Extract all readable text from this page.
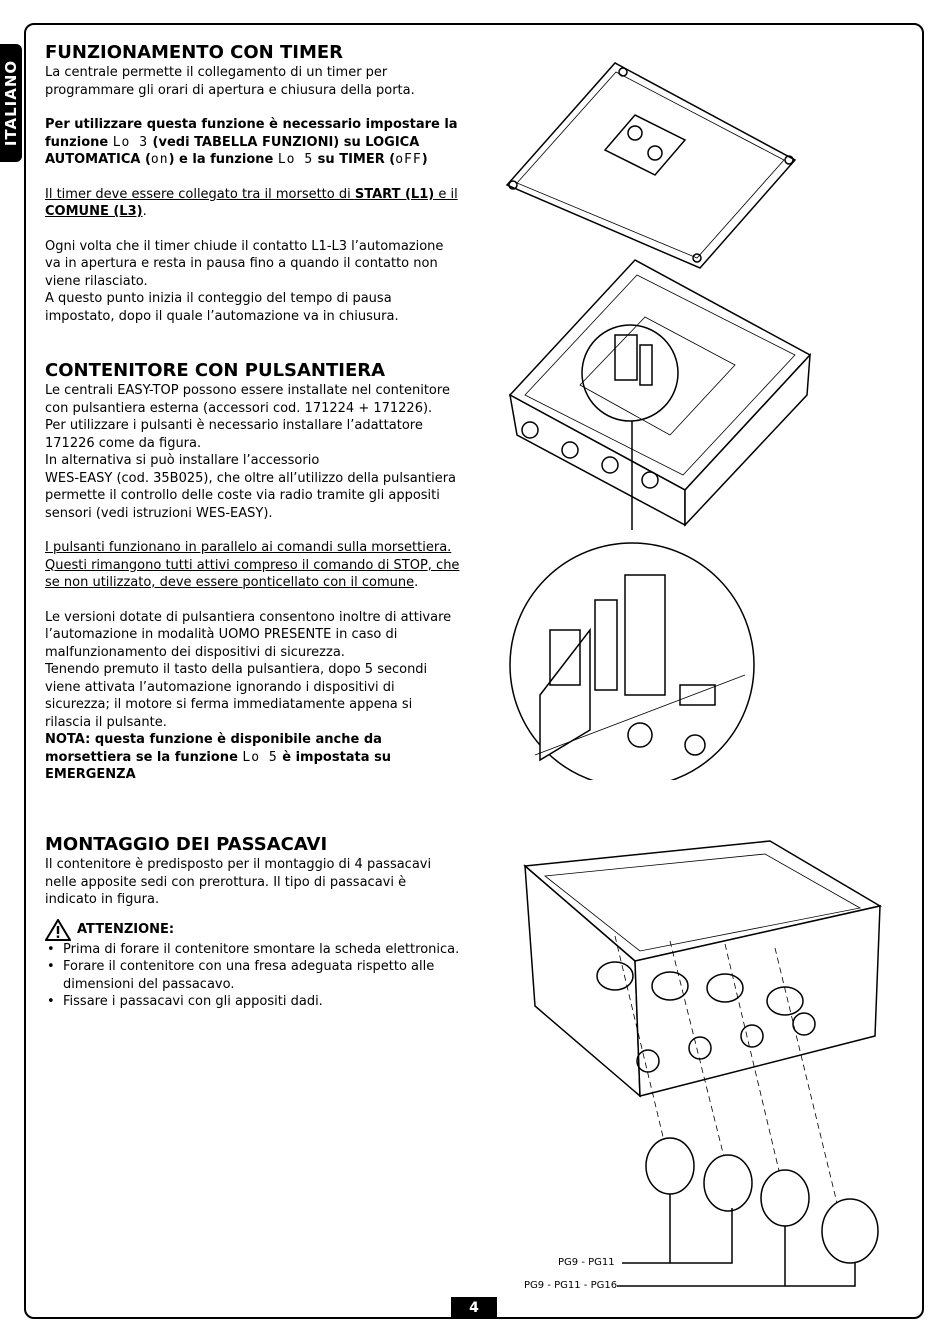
ITALIANO
FUNZIONAMENTO CON TIMER

La centrale permette il collegamento di un timer per programmare gli orari di apertura e chiusura della porta.

Per utilizzare questa funzione è necessario impostare la funzione Lo 3 (vedi TABELLA FUNZIONI) su LOGICA AUTOMATICA (on) e la funzione Lo 5 su TIMER (oFF)

Il timer deve essere collegato tra il morsetto di START (L1) e il COMUNE (L3).

Ogni volta che il timer chiude il contatto L1-L3 l’automazione va in apertura e resta in pausa fino a quando il contatto non viene rilasciato.

A questo punto inizia il conteggio del tempo di pausa impostato, dopo il quale l’automazione va in chiusura.

CONTENITORE CON PULSANTIERA

Le centrali EASY-TOP possono essere installate nel contenitore con pulsantiera esterna (accessori cod. 171224 + 171226).

Per utilizzare i pulsanti è necessario installare l’adattatore 171226 come da figura.

In alternativa si può installare l’accessorio

WES-EASY (cod. 35B025), che oltre all’utilizzo della pulsantiera permette il controllo delle coste via radio tramite gli appositi sensori (vedi istruzioni WES-EASY).

I pulsanti funzionano in parallelo ai comandi sulla morsettiera. Questi rimangono tutti attivi compreso il comando di STOP, che se non utilizzato, deve essere ponticellato con il comune.

Le versioni dotate di pulsantiera consentono inoltre di attivare l’automazione in modalità UOMO PRESENTE in caso di malfunzionamento dei dispositivi di sicurezza.

Tenendo premuto il tasto della pulsantiera, dopo 5 secondi viene attivata l’automazione ignorando i dispositivi di sicurezza; il motore si ferma immediatamente appena si rilascia il pulsante.

NOTA: questa funzione è disponibile anche da morsettiera se la funzione Lo 5 è impostata su EMERGENZA

MONTAGGIO DEI PASSACAVI

Il contenitore è predisposto per il montaggio di 4 passacavi nelle apposite sedi con prerottura. Il tipo di passacavi è indicato in figura.

ATTENZIONE:
• Prima di forare il contenitore smontare la scheda elettronica.
• Forare il contenitore con una fresa adeguata rispetto alle dimensioni del passacavo.
• Fissare i passacavi con gli appositi dadi.
PG9 - PG11
PG9 - PG11 - PG16
4
